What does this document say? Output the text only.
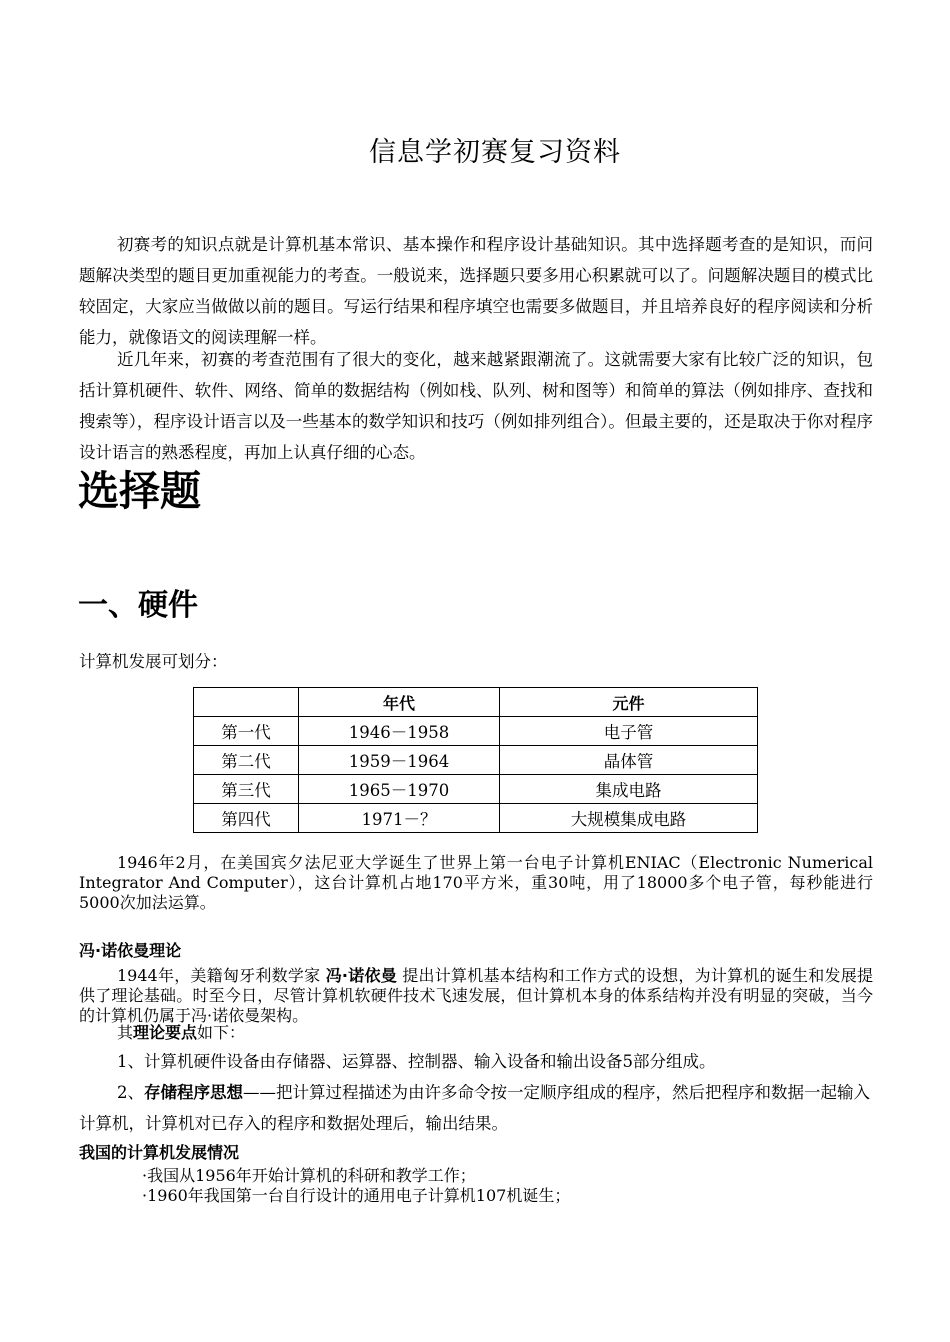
信息学初赛复习资料

初赛考的知识点就是计算机基本常识、基本操作和程序设计基础知识。其中选择题考查的是知识，而问题解决类型的题目更加重视能力的考查。一般说来，选择题只要多用心积累就可以了。问题解决题目的模式比较固定，大家应当做做以前的题目。写运行结果和程序填空也需要多做题目，并且培养良好的程序阅读和分析能力，就像语文的阅读理解一样。

近几年来，初赛的考查范围有了很大的变化，越来越紧跟潮流了。这就需要大家有比较广泛的知识，包括计算机硬件、软件、网络、简单的数据结构（例如栈、队列、树和图等）和简单的算法（例如排序、查找和搜索等），程序设计语言以及一些基本的数学知识和技巧（例如排列组合）。但最主要的，还是取决于你对程序设计语言的熟悉程度，再加上认真仔细的心态。

选择题
一、硬件

计算机发展可划分：

	年代	元件
第一代	1946－1958	电子管
第二代	1959－1964	晶体管
第三代	1965－1970	集成电路
第四代	1971－？	大规模集成电路

1946年2月，在美国宾夕法尼亚大学诞生了世界上第一台电子计算机ENIAC（Electronic Numerical Integrator And Computer），这台计算机占地170平方米，重30吨，用了18000多个电子管，每秒能进行5000次加法运算。

冯·诺依曼理论

1944年，美籍匈牙利数学家 冯·诺依曼 提出计算机基本结构和工作方式的设想，为计算机的诞生和发展提供了理论基础。时至今日，尽管计算机软硬件技术飞速发展，但计算机本身的体系结构并没有明显的突破，当今的计算机仍属于冯·诺依曼架构。

其理论要点如下：

1、计算机硬件设备由存储器、运算器、控制器、输入设备和输出设备5部分组成。

2、存储程序思想——把计算过程描述为由许多命令按一定顺序组成的程序，然后把程序和数据一起输入计算机，计算机对已存入的程序和数据处理后，输出结果。

我国的计算机发展情况

·我国从1956年开始计算机的科研和教学工作；

·1960年我国第一台自行设计的通用电子计算机107机诞生；
